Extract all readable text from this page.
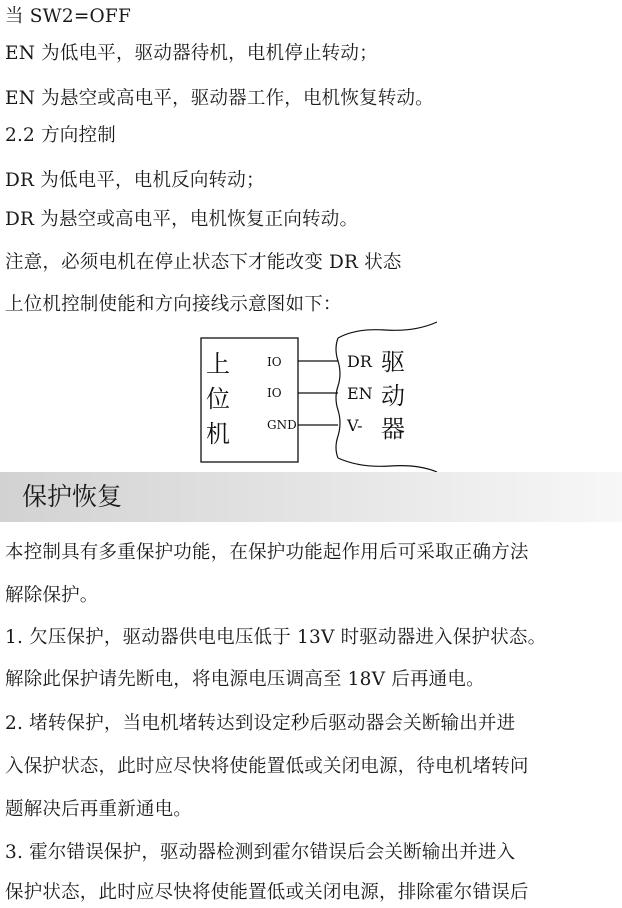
当 SW2=OFF
EN 为低电平，驱动器待机，电机停止转动；
EN 为悬空或高电平，驱动器工作，电机恢复转动。
2.2 方向控制
DR 为低电平，电机反向转动；
DR 为悬空或高电平，电机恢复正向转动。
注意，必须电机在停止状态下才能改变 DR 状态
上位机控制使能和方向接线示意图如下：
上
位
机
IO
IO
GND
DR
EN
V-
驱
动
器
保护恢复
本控制具有多重保护功能，在保护功能起作用后可采取正确方法
解除保护。
1. 欠压保护，驱动器供电电压低于 13V 时驱动器进入保护状态。
解除此保护请先断电，将电源电压调高至 18V 后再通电。
2. 堵转保护，当电机堵转达到设定秒后驱动器会关断输出并进
入保护状态，此时应尽快将使能置低或关闭电源，待电机堵转问
题解决后再重新通电。
3. 霍尔错误保护，驱动器检测到霍尔错误后会关断输出并进入
保护状态，此时应尽快将使能置低或关闭电源，排除霍尔错误后
